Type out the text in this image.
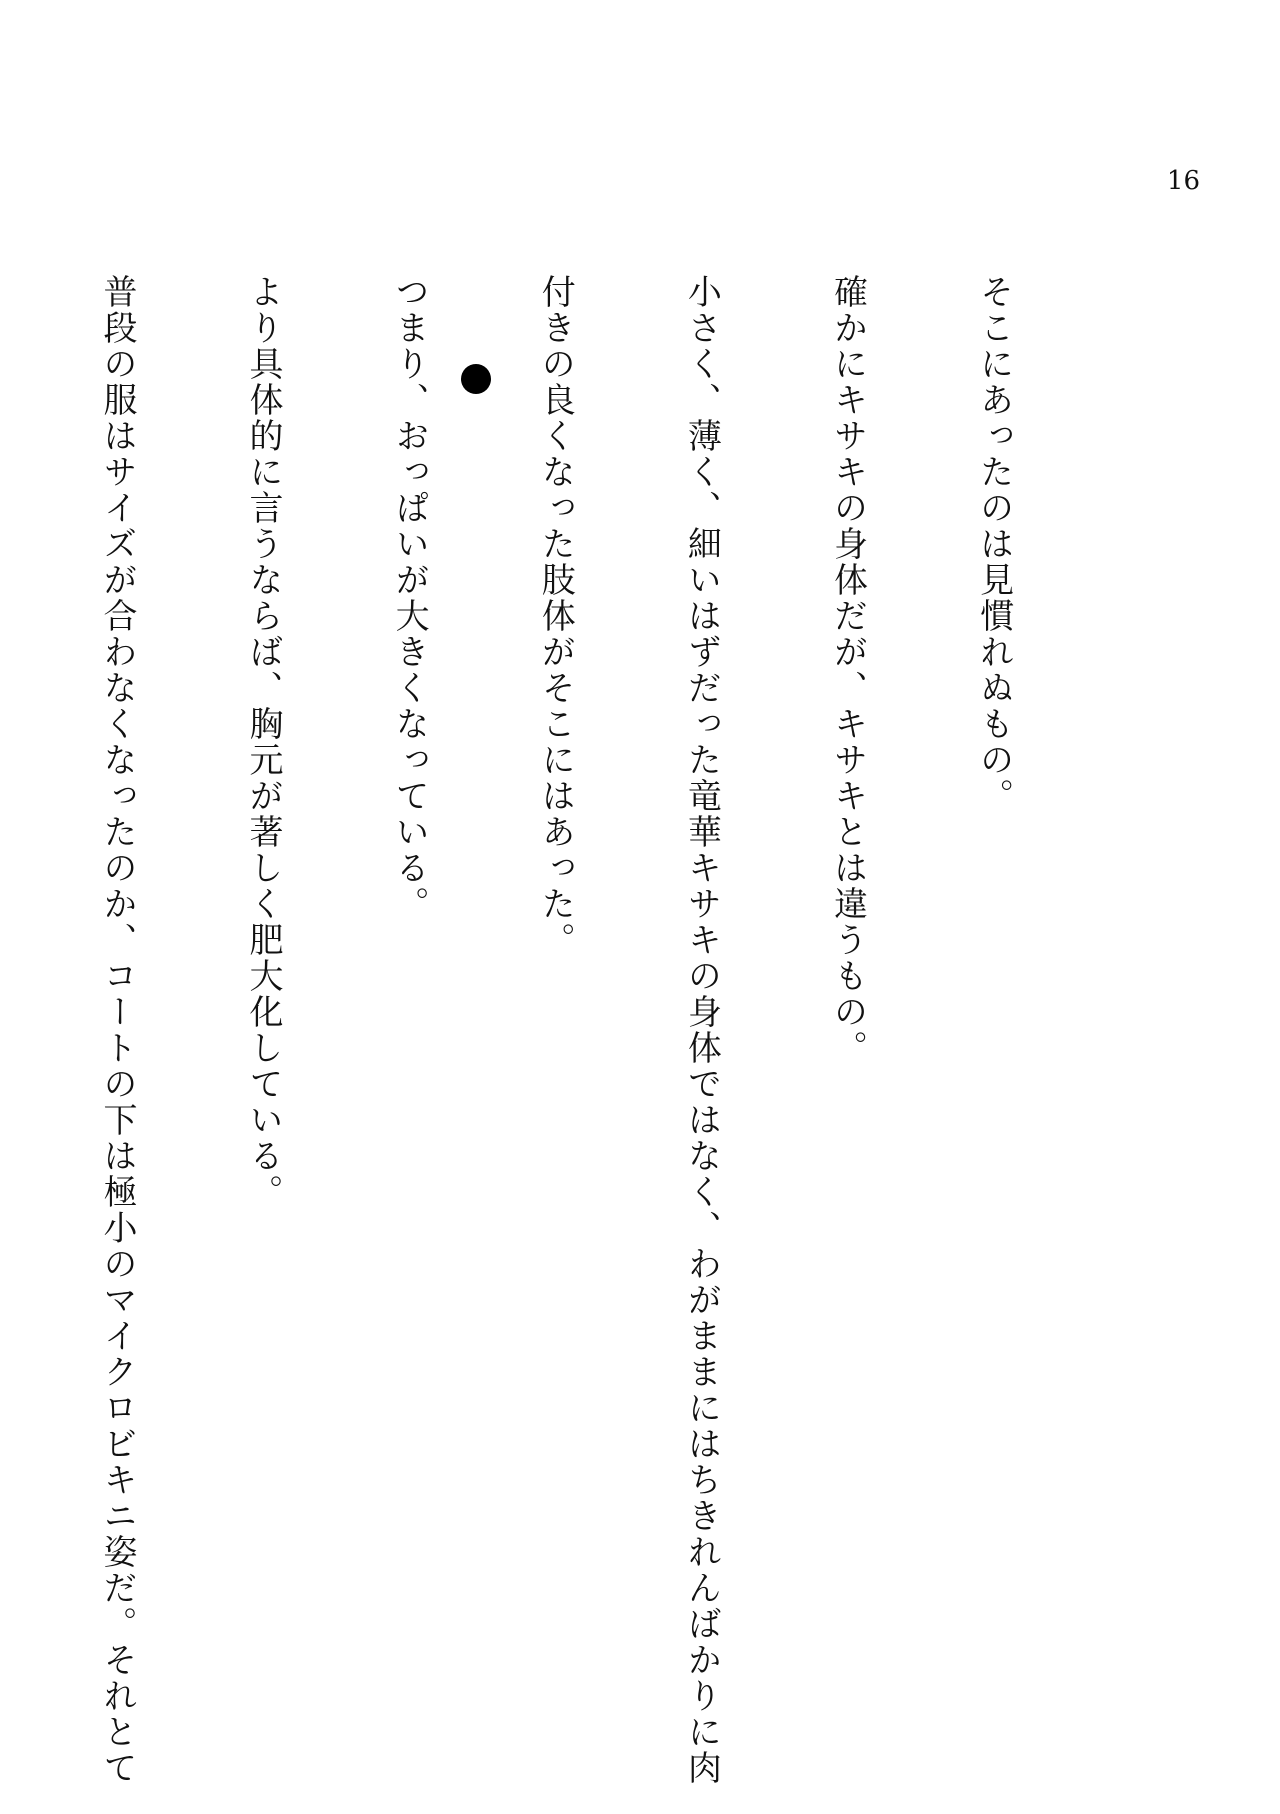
16

そこにあったのは見慣れぬもの。

確かにキサキの身体だが、キサキとは違うもの。

小さく、薄く、細いはずだった竜華キサキの身体ではなく、わがままにはちきれんばかりに肉

付きの良くなった肢体がそこにはあった。

つまり、おっぱいが大きくなっている。

より具体的に言うならば、胸元が著しく肥大化している。

普段の服はサイズが合わなくなったのか、コートの下は極小のマイクロビキニ姿だ。それとて
